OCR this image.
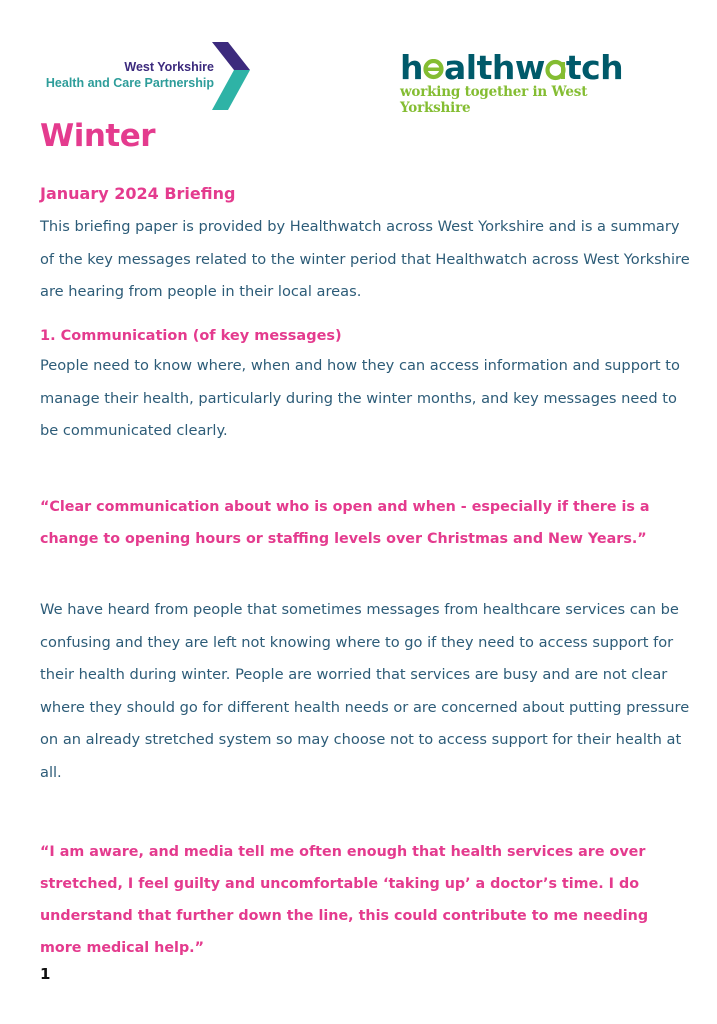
West Yorkshire
Health and Care Partnership	h althw tch
working together in West Yorkshire
Winter
January 2024 Briefing

This briefing paper is provided by Healthwatch across West Yorkshire and is a summary of the key messages related to the winter period that Healthwatch across West Yorkshire are hearing from people in their local areas.

1. Communication (of key messages)

People need to know where, when and how they can access information and support to manage their health, particularly during the winter months, and key messages need to be communicated clearly.

“Clear communication about who is open and when - especially if there is a change to opening hours or staffing levels over Christmas and New Years.”

We have heard from people that sometimes messages from healthcare services can be confusing and they are left not knowing where to go if they need to access support for their health during winter. People are worried that services are busy and are not clear where they should go for different health needs or are concerned about putting pressure on an already stretched system so may choose not to access support for their health at all.

“I am aware, and media tell me often enough that health services are over stretched, I feel guilty and uncomfortable ‘taking up’ a doctor’s time. I do understand that further down the line, this could contribute to me needing more medical help.”

1
